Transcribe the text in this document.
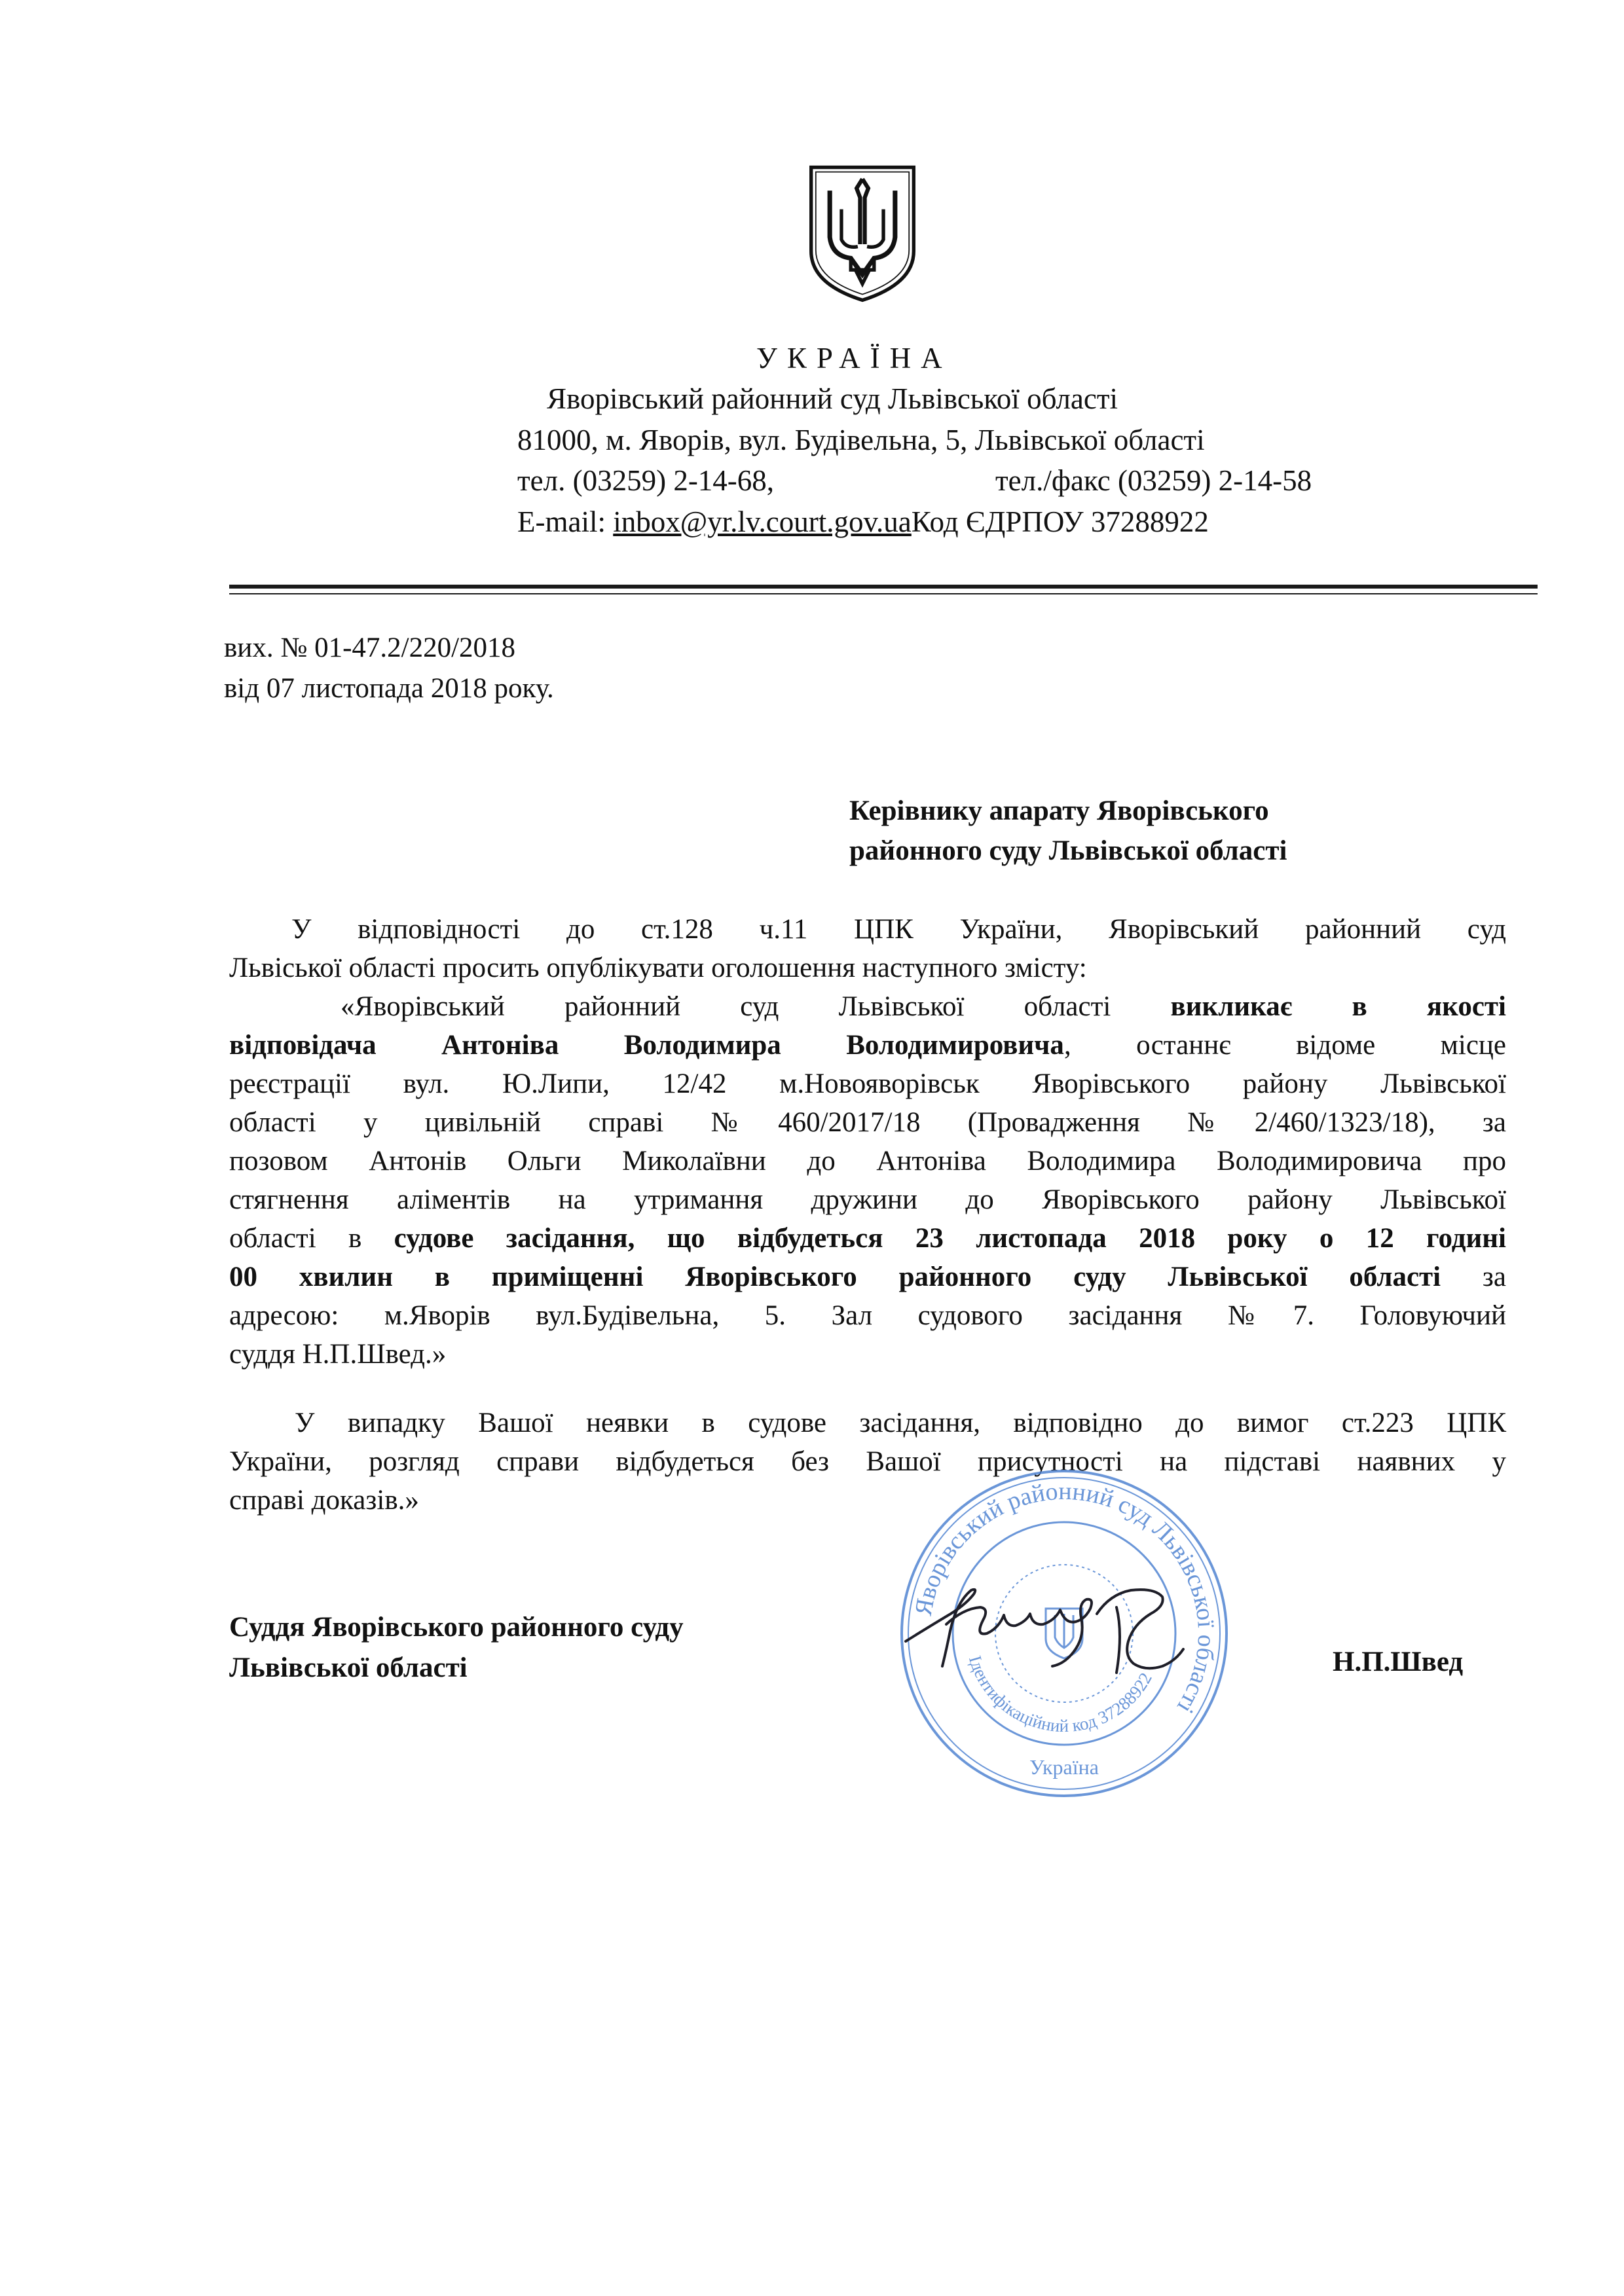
УКРАЇНА
Яворівський районний суд Львівської області
81000, м. Яворів, вул. Будівельна, 5, Львівської області
тел. (03259) 2-14-68,	тел./факс (03259) 2-14-58
E-mail: inbox@yr.lv.court.gov.uaКод ЄДРПОУ 37288922
вих. № 01-47.2/220/2018
від 07 листопада 2018 року.
Керівнику апарату Яворівського
районного суду Львівської області
У відповідності до ст.128 ч.11 ЦПК України, Яворівський районний суд
Львіської області просить опублікувати оголошення наступного змісту:
«Яворівський районний суд Львівської області викликає в якості
відповідача Антоніва Володимира Володимировича, останнє відоме місце
реєстрації вул. Ю.Липи, 12/42 м.Новояворівськ Яворівського району Львівської
області у цивільній справі №460/2017/18 (Провадження №2/460/1323/18), за
позовом Антонів Ольги Миколаївни до Антоніва Володимира Володимировича про
стягнення аліментів на утримання дружини до Яворівського району Львівської
області в судове засідання, що відбудеться 23 листопада 2018 року о 12 годині
00 хвилин в приміщенні Яворівського районного суду Львівської області за
адресою: м.Яворів вул.Будівельна, 5. Зал судового засідання №7. Головуючий
суддя Н.П.Швед.»
У випадку Вашої неявки в судове засідання, відповідно до вимог ст.223 ЦПК
України, розгляд справи відбудеться без Вашої присутності на підставі наявних у
справі доказів.»
Яворівський районний суд Львівської області
Ідентифікаційний код 37288922
Україна
Суддя Яворівського районного суду
Львівської області	Н.П.Швед
